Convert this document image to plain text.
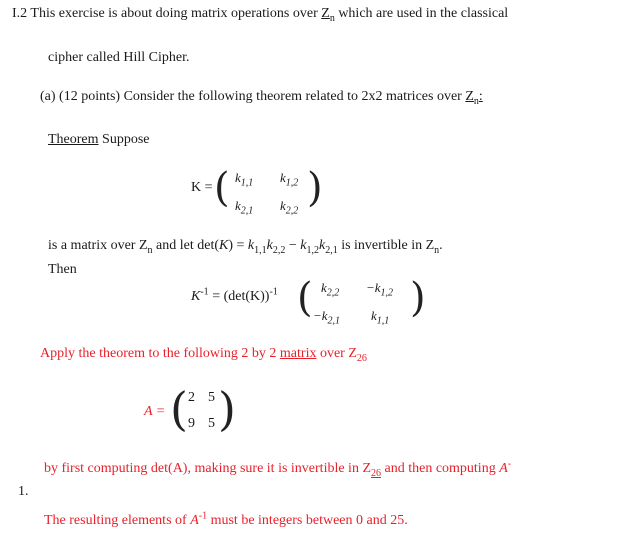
I.2 This exercise is about doing matrix operations over $Z_n$ which are used in the classical
cipher called Hill Cipher.
(a) (12 points) Consider the following theorem related to 2x2 matrices over $Z_n$:
Theorem Suppose
K = ( $k_{1,1}$ $k_{1,2}$
$k_{2,1}$ $k_{2,2}$
)
is a matrix over $Z_n$ and let $\det(K) = k_{1,1}k_{2,2} - k_{1,2}k_{2,1}$ is invertible in $Z_n$.
Then
$K^{-1} = (\det(K))^{-1}$ ( $k_{2,2} -k_{1,2}$
$-k_{2,1}$ $k_{1,1}$
)
Apply the theorem to the following 2 by 2 matrix over $Z_{26}$
A = ( 2 5
9 5 )
by first computing det(A), making sure it is invertible in $Z_{26}$ and then computing A-
1.
The resulting elements of $A^{-1}$ must be integers between 0 and 25.
